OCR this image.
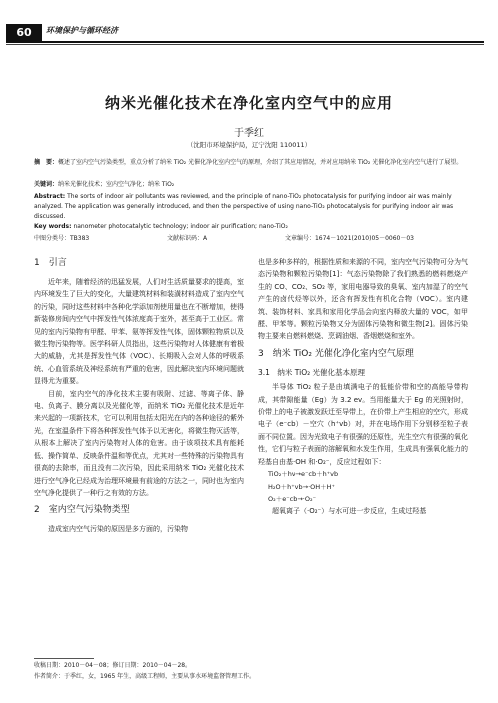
60	环境保护与循环经济
纳米光催化技术在净化室内空气中的应用
于季红
（沈阳市环境保护局，辽宁沈阳 110011）
摘　要：概述了室内空气污染类型，重点分析了纳米 TiO₂ 光催化净化室内空气的原理，介绍了其应用情况，并对应用纳米 TiO₂ 光催化净化室内空气进行了展望。
关键词：纳米光催化技术；室内空气净化；纳米 TiO₂
Abstract: The sorts of indoor air pollutants was reviewed, and the principle of nano-TiO₂ photocatalysis for purifying indoor air was mainly analyzed. The application was generally introduced, and then the perspective of using nano-TiO₂ photocatalysis for purifying indoor air was discussed.
Key words: nanometer photocatalytic technology; indoor air purification; nano-TiO₂
中图分类号：TB383	文献标识码：A	文章编号：1674－1021(2010)05－0060－03
1　引言

近年来，随着经济的迅猛发展，人们对生活质量要求的提高，室内环境发生了巨大的变化，大量建筑材料和装潢材料造成了室内空气的污染，同时这些材料中各种化学添加剂使用量也在不断增加，使得新装修房间内空气中挥发性气体浓度高于室外，甚至高于工业区。常见的室内污染物有甲醛、甲苯、氨等挥发性气体，固体颗粒物质以及微生物污染物等。医学科研人员指出，这些污染物对人体健康有着极大的威胁，尤其是挥发性气体（VOC）、长期吸入会对人体的呼吸系统、心血管系统及神经系统有严重的危害，因此解决室内环境问题就显得尤为重要。

目前，室内空气的净化技术主要有吸附、过滤、等离子体、静电、负离子、膜分离以及光催化等，而纳米 TiO₂ 光催化技术是近年来兴起的一项新技术，它可以利用包括太阳光在内的各种途径的紫外光，在室温条件下将各种挥发性气体予以无害化，将微生物灭活等，从根本上解决了室内污染物对人体的危害。由于该项技术具有能耗低、操作简单、反映条件温和等优点，尤其对一些特殊的污染物具有很高的去除率，而且没有二次污染，因此采用纳米 TiO₂ 光催化技术进行空气净化已经成为治理环境最有前途的方法之一，同时也为室内空气净化提供了一种行之有效的方法。

2　室内空气污染物类型

造成室内空气污染的原因是多方面的，污染物

也是多种多样的，根据性质和来源的不同，室内空气污染物可分为气态污染物和颗粒污染物[1]：气态污染物除了我们熟悉的燃料燃烧产生的 CO、CO₂、SO₂ 等，家用电器导致的臭氧、室内加湿了的空气产生的卤代烃等以外，还含有挥发性有机化合物（VOC）。室内建筑、装饰材料、家具和家用化学品会向室内释放大量的 VOC，如甲醛、甲苯等。颗粒污染物又分为固体污染物和微生物[2]。固体污染物主要来自燃料燃烧、烹调油烟、香烟燃烧和室外。

3　纳米 TiO₂ 光催化净化室内空气原理
3.1　纳米 TiO₂ 光催化基本原理

半导体 TiO₂ 粒子是由填满电子的低能价带和空的高能导带构成，其带隙能量（Eg）为 3.2 ev。当用能量大于 Eg 的光照射时，价带上的电子被激发跃迁至导带上，在价带上产生相应的空穴，形成电子（e⁻cb）－空穴（h⁺vb）对，并在电场作用下分别移至粒子表面不同位置。因为光致电子有很强的还原性，光生空穴有很强的氧化性，它们与粒子表面的溶解氧和水发生作用，生成具有强氧化能力的羟基自由基·OH 和·O₂⁻，反应过程如下：

TiO₂＋hν→e⁻cb＋h⁺vb
H₂O＋h⁺vb→·OH＋H⁺
O₂＋e⁻cb→·O₂⁻

超氧离子（·O₂⁻）与水可进一步反应，生成过羟基

收稿日期：2010－04－08；修订日期：2010－04－28。
作者简介：于季红，女，1965 年生，高级工程师，主要从事水环境监督管理工作。
